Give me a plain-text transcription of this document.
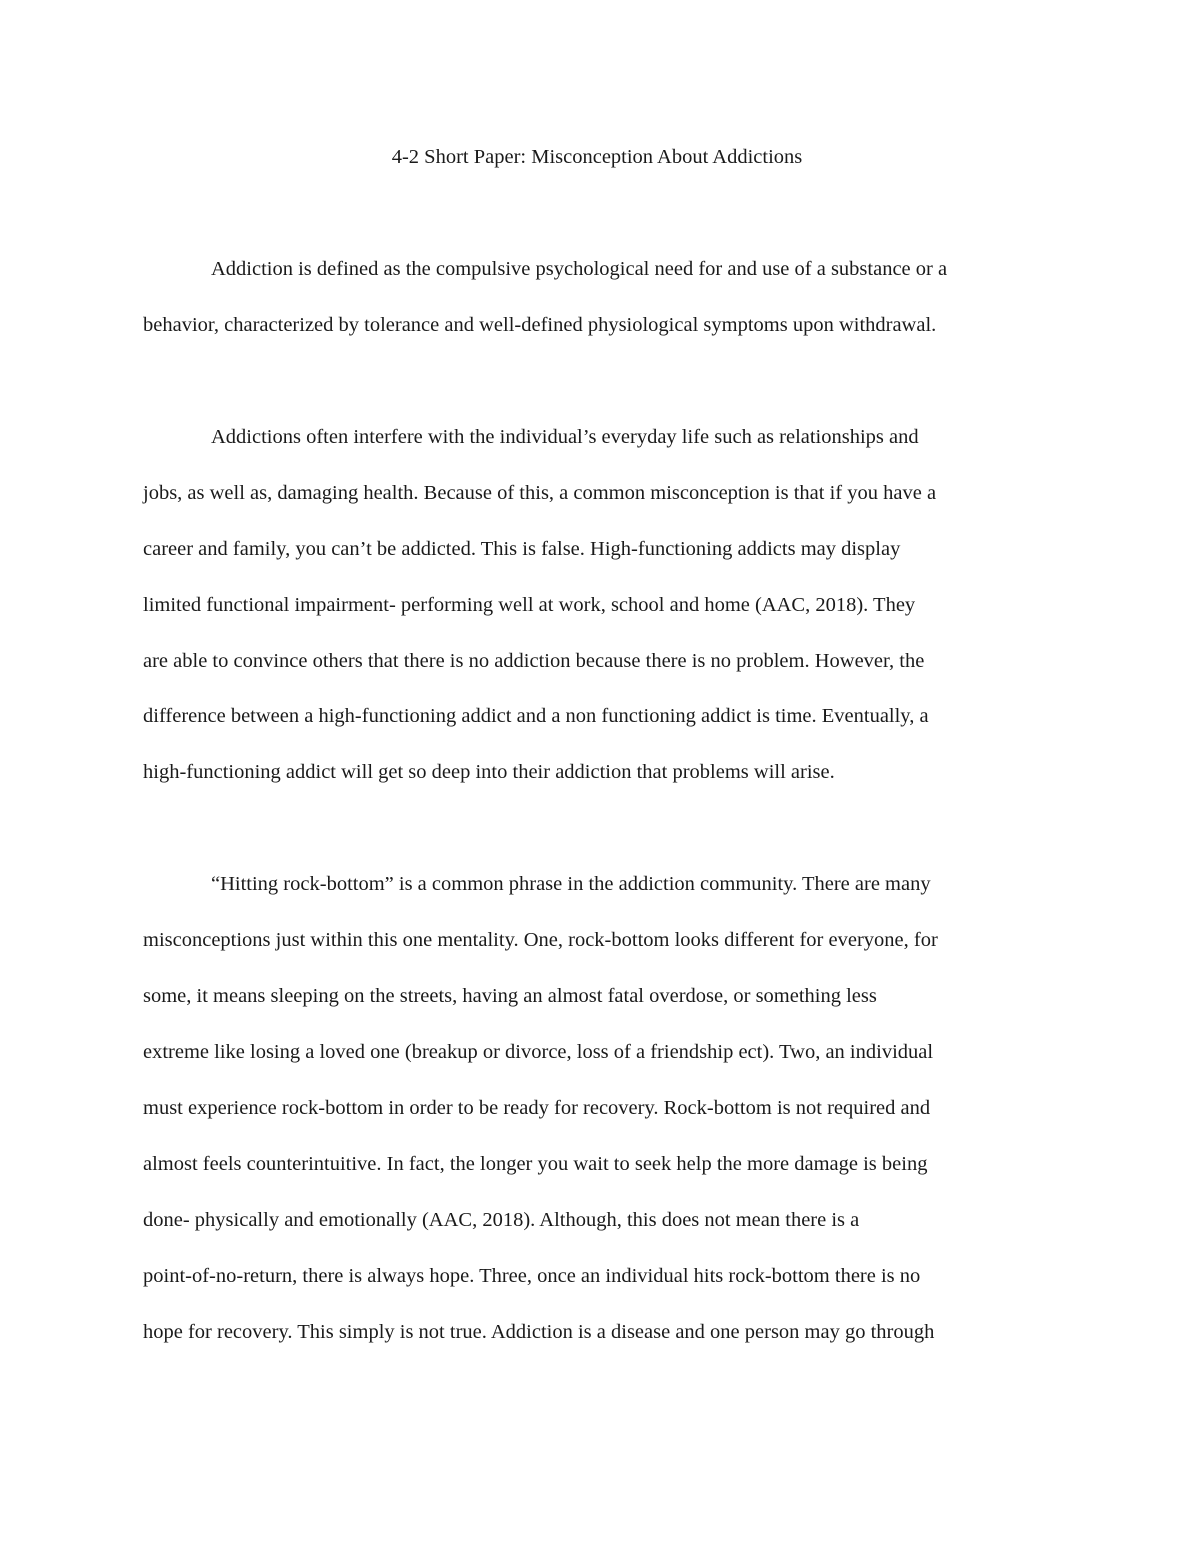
4-2 Short Paper: Misconception About Addictions
Addiction is defined as the compulsive psychological need for and use of a substance or a
behavior, characterized by tolerance and well-defined physiological symptoms upon withdrawal.
Addictions often interfere with the individual’s everyday life such as relationships and
jobs, as well as, damaging health. Because of this, a common misconception is that if you have a
career and family, you can’t be addicted. This is false. High-functioning addicts may display
limited functional impairment- performing well at work, school and home (AAC, 2018). They
are able to convince others that there is no addiction because there is no problem. However, the
difference between a high-functioning addict and a non functioning addict is time. Eventually, a
high-functioning addict will get so deep into their addiction that problems will arise.
“Hitting rock-bottom” is a common phrase in the addiction community. There are many
misconceptions just within this one mentality. One, rock-bottom looks different for everyone, for
some, it means sleeping on the streets, having an almost fatal overdose, or something less
extreme like losing a loved one (breakup or divorce, loss of a friendship ect). Two, an individual
must experience rock-bottom in order to be ready for recovery. Rock-bottom is not required and
almost feels counterintuitive. In fact, the longer you wait to seek help the more damage is being
done- physically and emotionally (AAC, 2018). Although, this does not mean there is a
point-of-no-return, there is always hope. Three, once an individual hits rock-bottom there is no
hope for recovery. This simply is not true. Addiction is a disease and one person may go through
